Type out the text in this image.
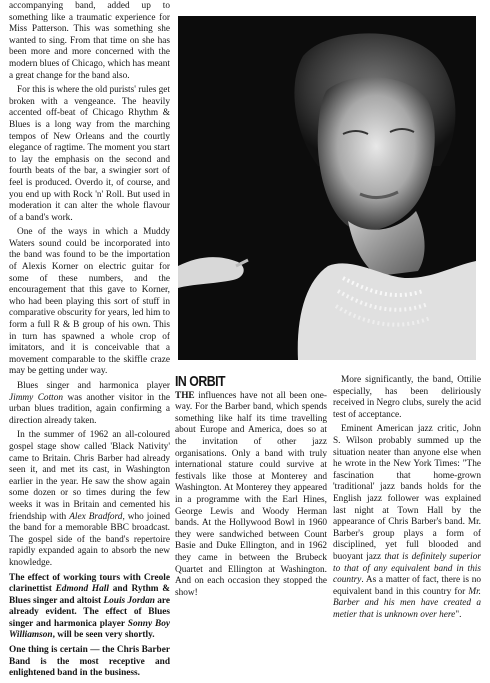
accompanying band, added up to something like a traumatic experience for Miss Patterson. This was something she wanted to sing. From that time on she has been more and more concerned with the modern blues of Chicago, which has meant a great change for the band also.

For this is where the old purists' rules get broken with a vengeance. The heavily accented off-beat of Chicago Rhythm & Blues is a long way from the marching tempos of New Orleans and the courtly elegance of ragtime. The moment you start to lay the emphasis on the second and fourth beats of the bar, a swingier sort of feel is produced. Overdo it, of course, and you end up with Rock 'n' Roll. But used in moderation it can alter the whole flavour of a band's work.

One of the ways in which a Muddy Waters sound could be incorporated into the band was found to be the importation of Alexis Korner on electric guitar for some of these numbers, and the encouragement that this gave to Korner, who had been playing this sort of stuff in comparative obscurity for years, led him to form a full R & B group of his own. This in turn has spawned a whole crop of imitators, and it is conceivable that a movement comparable to the skiffle craze may be getting under way.

Blues singer and harmonica player Jimmy Cotton was another visitor in the urban blues tradition, again confirming a direction already taken.

In the summer of 1962 an all-coloured gospel stage show called 'Black Nativity' came to Britain. Chris Barber had already seen it, and met its cast, in Washington earlier in the year. He saw the show again some dozen or so times during the few weeks it was in Britain and cemented his friendship with Alex Bradford, who joined the band for a memorable BBC broadcast. The gospel side of the band's repertoire rapidly expanded again to absorb the new knowledge.

The effect of working tours with Creole clarinettist Edmond Hall and Rythm & Blues singer and altoist Louis Jordan are already evident. The effect of Blues singer and harmonica player Sonny Boy Williamson, will be seen very shortly.

One thing is certain — the Chris Barber Band is the most receptive and enlightened band in the business.

IN ORBIT

THE influences have not all been one-way. For the Barber band, which spends something like half its time travelling about Europe and America, does so at the invitation of other jazz organisations. Only a band with truly international stature could survive at festivals like those at Monterey and Washington. At Monterey they appeared in a programme with the Earl Hines, George Lewis and Woody Herman bands. At the Hollywood Bowl in 1960 they were sandwiched between Count Basie and Duke Ellington, and in 1962 they came in between the Brubeck Quartet and Ellington at Washington. And on each occasion they stopped the show!

More significantly, the band, Ottilie especially, has been deliriously received in Negro clubs, surely the acid test of acceptance.

Eminent American jazz critic, John S. Wilson probably summed up the situation neater than anyone else when he wrote in the New York Times: "The fascination that home-grown 'traditional' jazz bands holds for the English jazz follower was explained last night at Town Hall by the appearance of Chris Barber's band. Mr. Barber's group plays a form of disciplined, yet full blooded and buoyant jazz that is definitely superior to that of any equivalent band in this country. As a matter of fact, there is no equivalent band in this country for Mr. Barber and his men have created a metier that is unknown over here".
